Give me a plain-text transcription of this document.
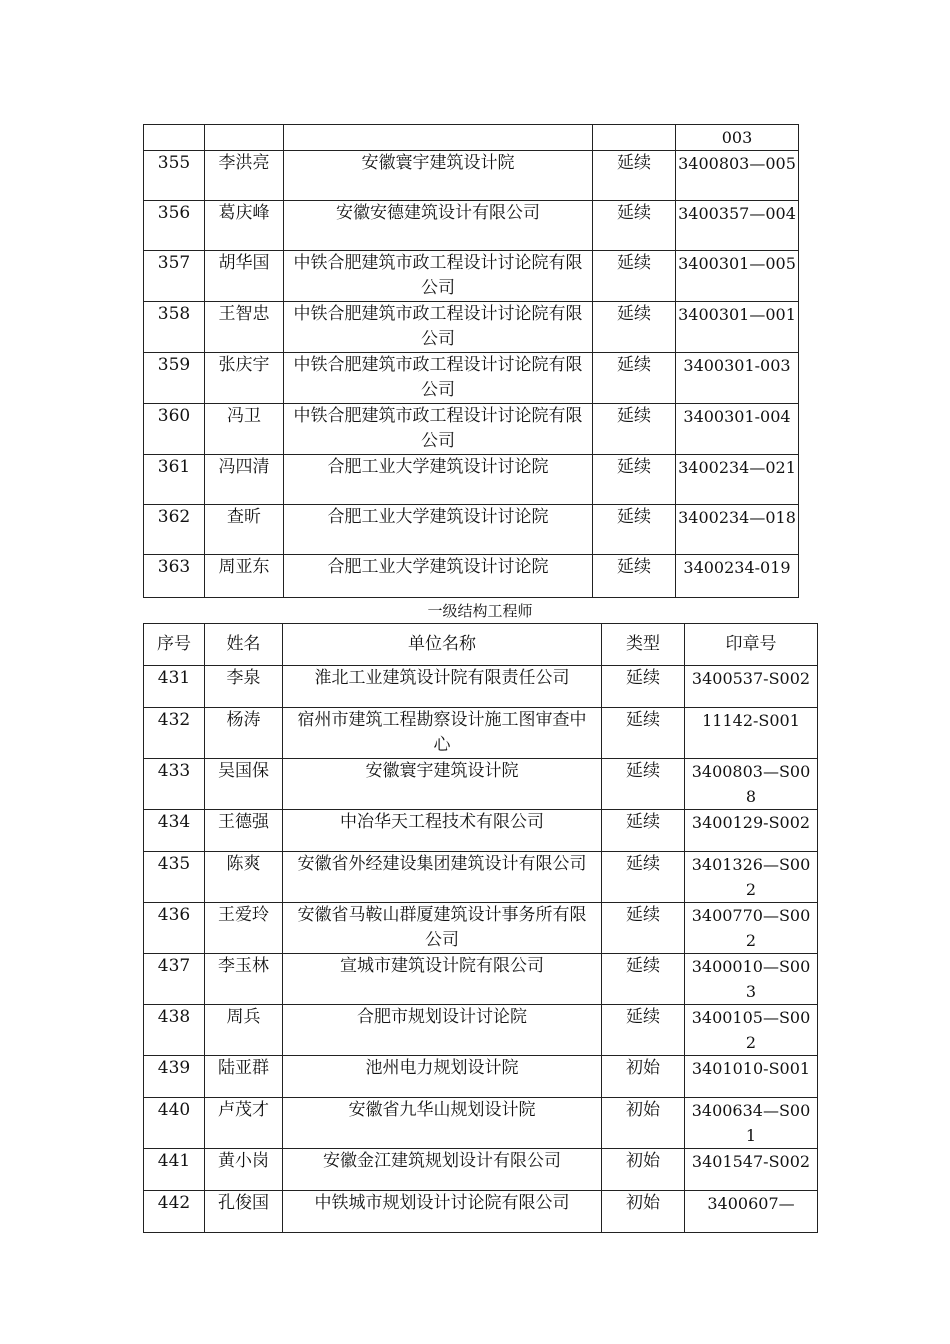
				003
355	李洪亮	安徽寰宇建筑设计院	延续	3400803—005
356	葛庆峰	安徽安德建筑设计有限公司	延续	3400357—004
357	胡华国	中铁合肥建筑市政工程设计讨论院有限公司	延续	3400301—005
358	王智忠	中铁合肥建筑市政工程设计讨论院有限公司	延续	3400301—001
359	张庆宇	中铁合肥建筑市政工程设计讨论院有限公司	延续	3400301-003
360	冯卫	中铁合肥建筑市政工程设计讨论院有限公司	延续	3400301-004
361	冯四清	合肥工业大学建筑设计讨论院	延续	3400234—021
362	查昕	合肥工业大学建筑设计讨论院	延续	3400234—018
363	周亚东	合肥工业大学建筑设计讨论院	延续	3400234-019
一级结构工程师
序号	姓名	单位名称	类型	印章号
431	李泉	淮北工业建筑设计院有限责任公司	延续	3400537-S002
432	杨涛	宿州市建筑工程勘察设计施工图审查中心	延续	11142-S001
433	吴国保	安徽寰宇建筑设计院	延续	3400803—S008
434	王德强	中冶华天工程技术有限公司	延续	3400129-S002
435	陈爽	安徽省外经建设集团建筑设计有限公司	延续	3401326—S002
436	王爱玲	安徽省马鞍山群厦建筑设计事务所有限公司	延续	3400770—S002
437	李玉林	宣城市建筑设计院有限公司	延续	3400010—S003
438	周兵	合肥市规划设计讨论院	延续	3400105—S002
439	陆亚群	池州电力规划设计院	初始	3401010-S001
440	卢茂才	安徽省九华山规划设计院	初始	3400634—S001
441	黄小岗	安徽金江建筑规划设计有限公司	初始	3401547-S002
442	孔俊国	中铁城市规划设计讨论院有限公司	初始	3400607—
